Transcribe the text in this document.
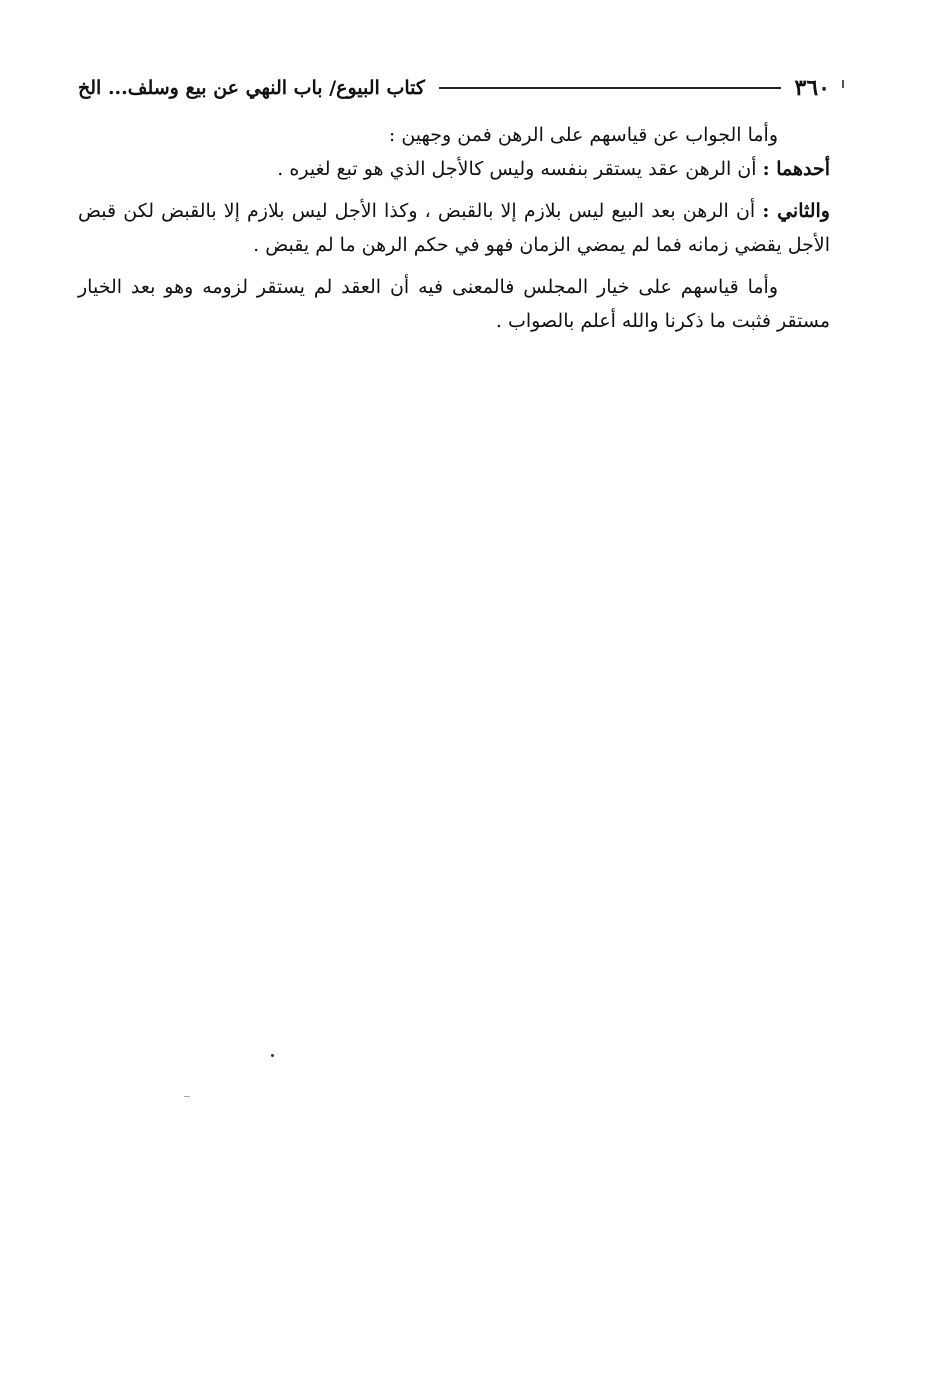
٣٦٠
كتاب البيوع/ باب النهي عن بيع وسلف... الخ

وأما الجواب عن قياسهم على الرهن فمن وجهين :

أحدهما : أن الرهن عقد يستقر بنفسه وليس كالأجل الذي هو تبع لغيره .

والثاني : أن الرهن بعد البيع ليس بلازم إلا بالقبض ، وكذا الأجل ليس بلازم إلا بالقبض لكن قبض الأجل يقضي زمانه فما لم يمضي الزمان فهو في حكم الرهن ما لم يقبض .

وأما قياسهم على خيار المجلس فالمعنى فيه أن العقد لم يستقر لزومه وهو بعد الخيار مستقر فثبت ما ذكرنا والله أعلم بالصواب .
